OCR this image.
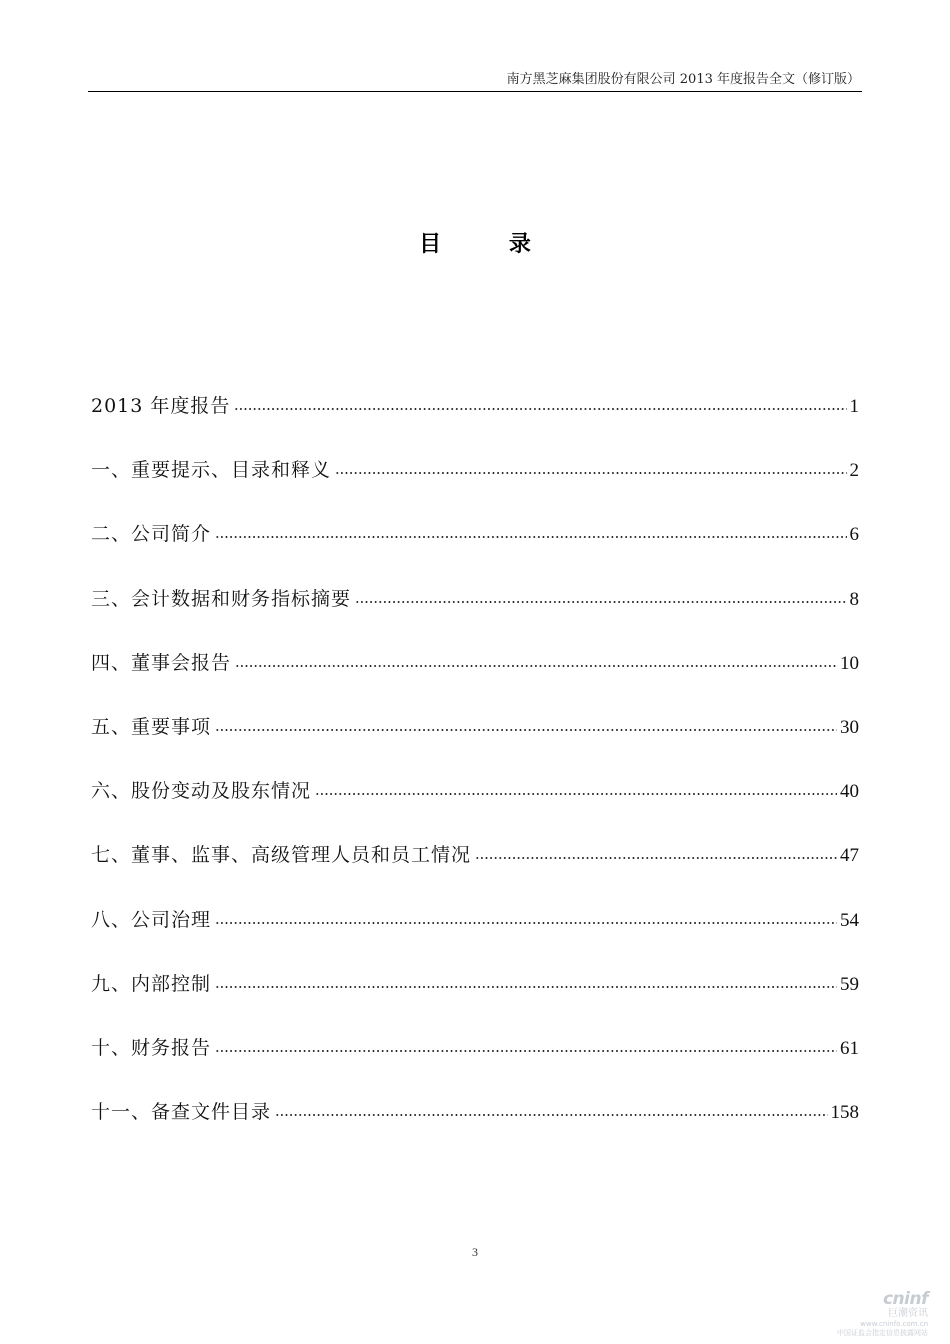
南方黑芝麻集团股份有限公司 2013 年度报告全文（修订版）
目 录
2013 年度报告	1
一、重要提示、目录和释义	2
二、公司简介	6
三、会计数据和财务指标摘要	8
四、董事会报告	10
五、重要事项	30
六、股份变动及股东情况	40
七、董事、监事、高级管理人员和员工情况	47
八、公司治理	54
九、内部控制	59
十、财务报告	61
十一、备查文件目录	158
3
cninf
巨潮资讯
www.cninfo.com.cn
中国证监会指定信息披露网站
